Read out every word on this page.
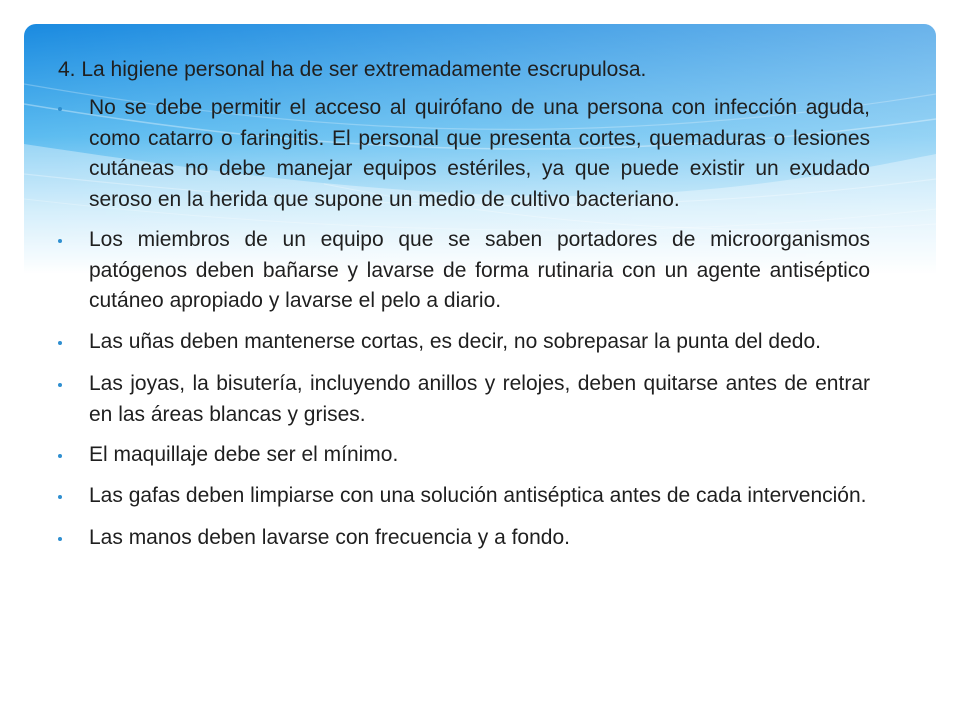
4. La higiene personal ha de ser extremadamente escrupulosa.
No se debe permitir el acceso al quirófano de una persona con infección aguda, como catarro o faringitis. El personal que presenta cortes, quemaduras o lesiones cutáneas no debe manejar equipos estériles, ya que puede existir un exudado seroso en la herida que supone un medio de cultivo bacteriano.
Los miembros de un equipo que se saben portadores de microorganismos patógenos deben bañarse y lavarse de forma rutinaria con un agente antiséptico cutáneo apropiado y lavarse el pelo a diario.
Las uñas deben mantenerse cortas, es decir, no sobrepasar la punta del dedo.
Las joyas, la bisutería, incluyendo anillos y relojes, deben quitarse antes de entrar en las áreas blancas y grises.
El maquillaje debe ser el mínimo.
Las gafas deben limpiarse con una solución antiséptica antes de cada intervención.
Las manos deben lavarse con frecuencia y a fondo.
